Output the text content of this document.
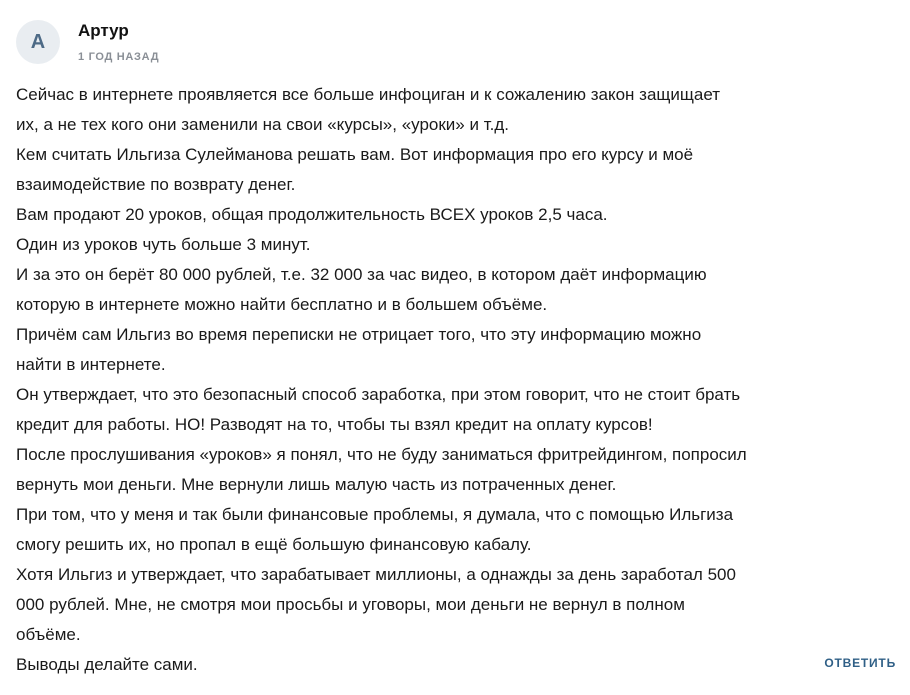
А Артур
1 ГОД НАЗАД
Сейчас в интернете проявляется все больше инфоциган и к сожалению закон защищает
их, а не тех кого они заменили на свои «курсы», «уроки» и т.д.
Кем считать Ильгиза Сулейманова решать вам. Вот информация про его курсу и моё
взаимодействие по возврату денег.
Вам продают 20 уроков, общая продолжительность ВСЕХ уроков 2,5 часа.
Один из уроков чуть больше 3 минут.
И за это он берёт 80 000 рублей, т.е. 32 000 за час видео, в котором даёт информацию
которую в интернете можно найти бесплатно и в большем объёме.
Причём сам Ильгиз во время переписки не отрицает того, что эту информацию можно
найти в интернете.
Он утверждает, что это безопасный способ заработка, при этом говорит, что не стоит брать
кредит для работы. НО! Разводят на то, чтобы ты взял кредит на оплату курсов!
После прослушивания «уроков» я понял, что не буду заниматься фритрейдингом, попросил
вернуть мои деньги. Мне вернули лишь малую часть из потраченных денег.
При том, что у меня и так были финансовые проблемы, я думала, что с помощью Ильгиза
смогу решить их, но пропал в ещё большую финансовую кабалу.
Хотя Ильгиз и утверждает, что зарабатывает миллионы, а однажды за день заработал 500
000 рублей. Мне, не смотря мои просьбы и уговоры, мои деньги не вернул в полном
объёме.
Выводы делайте сами.	ОТВЕТИТЬ
